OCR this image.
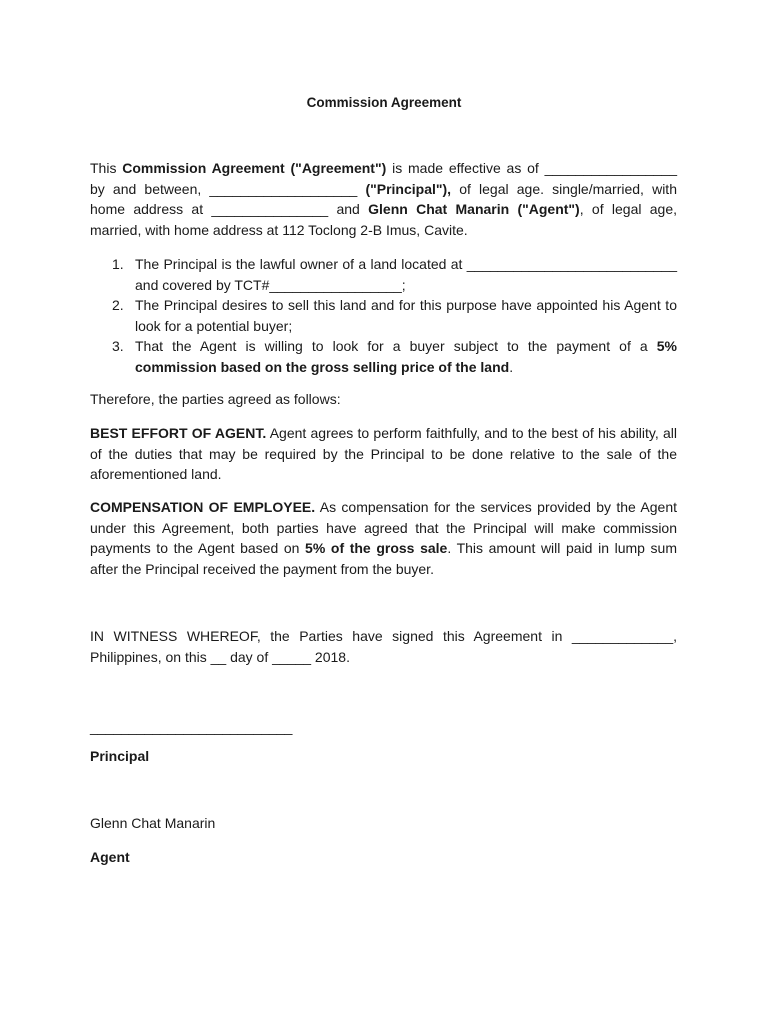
Commission Agreement

This Commission Agreement ("Agreement") is made effective as of _________________ by and between, ___________________ ("Principal"), of legal age. single/married, with home address at _______________ and Glenn Chat Manarin ("Agent"), of legal age, married, with home address at 112 Toclong 2-B Imus, Cavite.

1. The Principal is the lawful owner of a land located at ___________________________ and covered by TCT#_________________;
2. The Principal desires to sell this land and for this purpose have appointed his Agent to look for a potential buyer;
3. That the Agent is willing to look for a buyer subject to the payment of a 5% commission based on the gross selling price of the land.

Therefore, the parties agreed as follows:

BEST EFFORT OF AGENT. Agent agrees to perform faithfully, and to the best of his ability, all of the duties that may be required by the Principal to be done relative to the sale of the aforementioned land.

COMPENSATION OF EMPLOYEE. As compensation for the services provided by the Agent under this Agreement, both parties have agreed that the Principal will make commission payments to the Agent based on 5% of the gross sale. This amount will paid in lump sum after the Principal received the payment from the buyer.

IN WITNESS WHEREOF, the Parties have signed this Agreement in _____________, Philippines, on this __ day of _____ 2018.

__________________________
Principal
Glenn Chat Manarin
Agent
